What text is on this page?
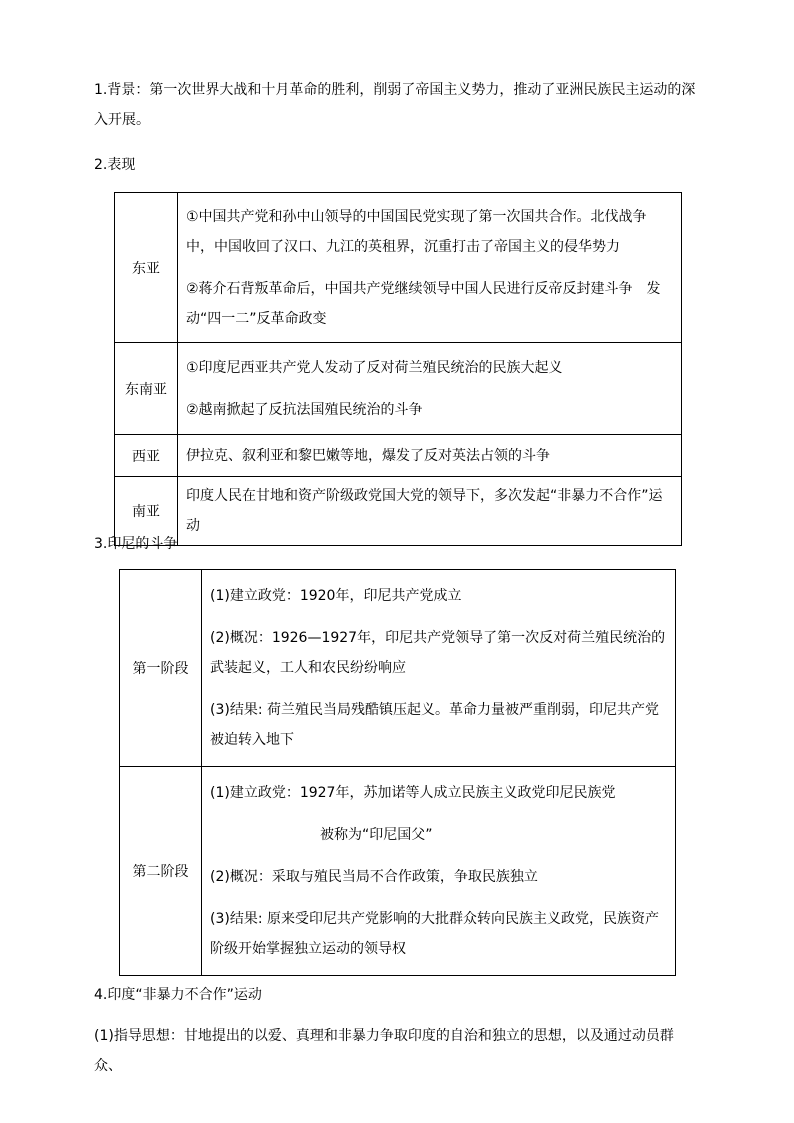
1.背景：第一次世界大战和十月革命的胜利，削弱了帝国主义势力，推动了亚洲民族民主运动的深入开展。

2.表现

东亚	①中国共产党和孙中山领导的中国国民党实现了第一次国共合作。北伐战争中，中国收回了汉口、九江的英租界，沉重打击了帝国主义的侵华势力

②蒋介石背叛革命后，中国共产党继续领导中国人民进行反帝反封建斗争　发动“四一二”反革命政变

东南亚	①印度尼西亚共产党人发动了反对荷兰殖民统治的民族大起义

②越南掀起了反抗法国殖民统治的斗争

西亚	伊拉克、叙利亚和黎巴嫩等地，爆发了反对英法占领的斗争

南亚	印度人民在甘地和资产阶级政党国大党的领导下，多次发起“非暴力不合作”运动

3.印尼的斗争

第一阶段	(1)建立政党：1920年，印尼共产党成立

(2)概况：1926—1927年，印尼共产党领导了第一次反对荷兰殖民统治的武装起义，工人和农民纷纷响应

(3)结果: 荷兰殖民当局残酷镇压起义。革命力量被严重削弱，印尼共产党被迫转入地下

第二阶段	(1)建立政党：1927年，苏加诺等人成立民族主义政党印尼民族党

被称为“印尼国父”

(2)概况：采取与殖民当局不合作政策，争取民族独立

(3)结果: 原来受印尼共产党影响的大批群众转向民族主义政党，民族资产阶级开始掌握独立运动的领导权

4.印度“非暴力不合作”运动

(1)指导思想：甘地提出的以爱、真理和非暴力争取印度的自治和独立的思想，以及通过动员群众、
